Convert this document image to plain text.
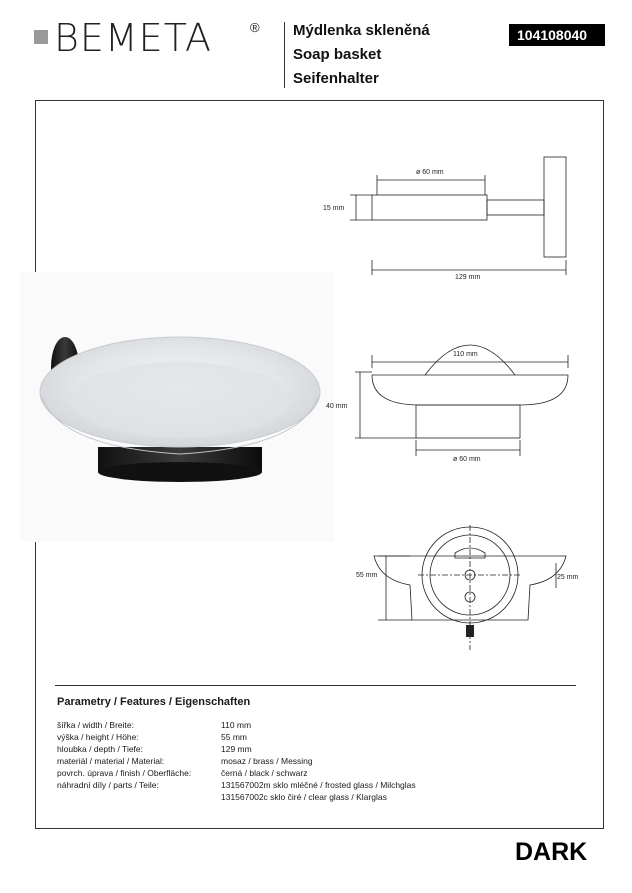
BEMETA	® Mýdlenka skleněná
Soap basket
Seifenhalter
104108040
ø 60 mm
15 mm
129 mm
110 mm
40 mm
ø 60 mm
55 mm	25 mm
Parametry / Features / Eigenschaften
šířka / width / Breite:	110 mm
výška / height / Höhe:	55 mm
hloubka / depth / Tiefe:	129 mm
materiál / material / Material:	mosaz / brass / Messing
povrch. úprava / finish / Oberfläche:	černá / black / schwarz
náhradní díly / parts / Teile:	131567002m sklo mléčné / frosted glass / Milchglas
131567002c sklo čiré / clear glass / Klarglas
DARK
